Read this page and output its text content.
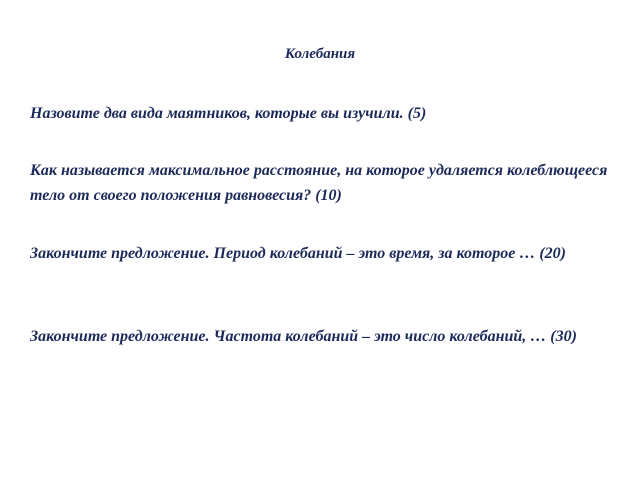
Колебания

Назовите два вида маятников, которые вы изучили. (5)

Как называется максимальное расстояние, на которое удаляется колеблющееся тело от своего положения равновесия? (10)

Закончите предложение. Период колебаний – это время, за которое … (20)

Закончите предложение. Частота колебаний – это число колебаний, … (30)
